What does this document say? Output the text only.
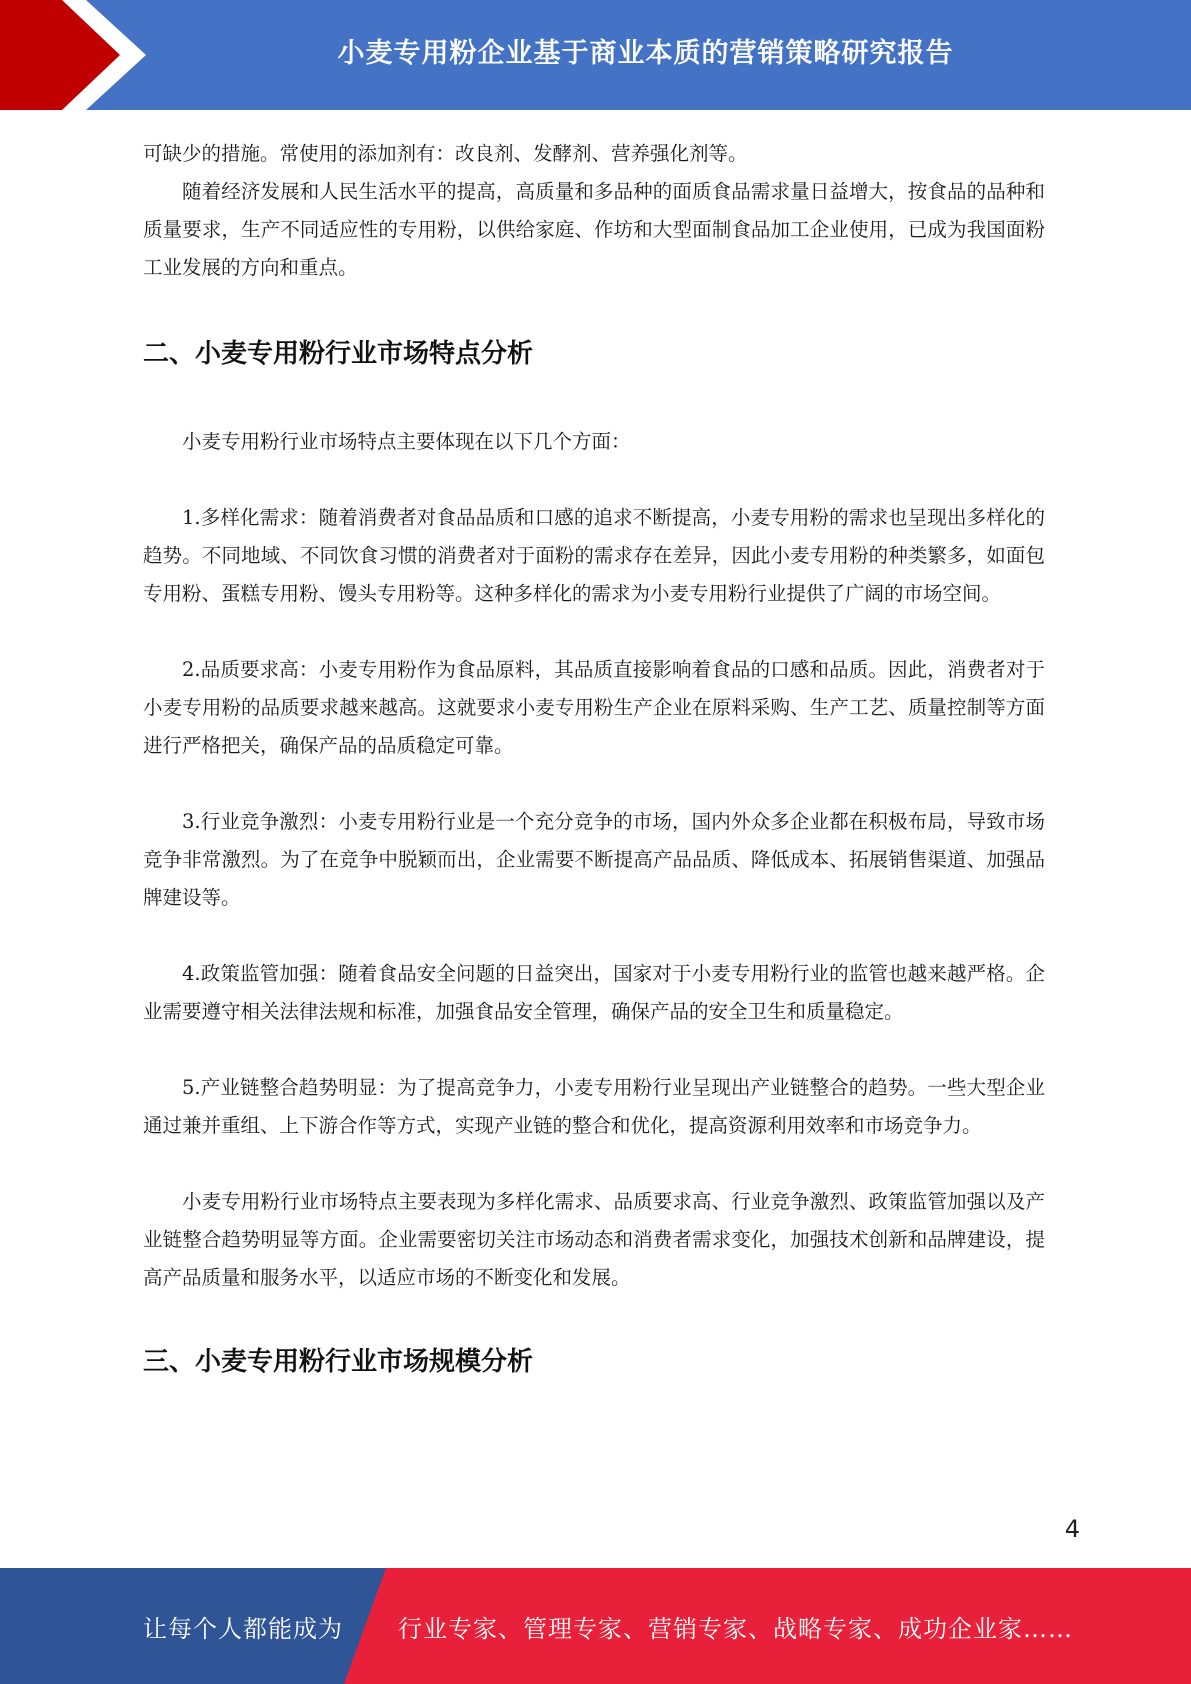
小麦专用粉企业基于商业本质的营销策略研究报告

可缺少的措施。常使用的添加剂有：改良剂、发酵剂、营养强化剂等。

随着经济发展和人民生活水平的提高，高质量和多品种的面质食品需求量日益增大，按食品的品种和质量要求，生产不同适应性的专用粉，以供给家庭、作坊和大型面制食品加工企业使用，已成为我国面粉工业发展的方向和重点。

二、小麦专用粉行业市场特点分析

小麦专用粉行业市场特点主要体现在以下几个方面：

1.多样化需求：随着消费者对食品品质和口感的追求不断提高，小麦专用粉的需求也呈现出多样化的趋势。不同地域、不同饮食习惯的消费者对于面粉的需求存在差异，因此小麦专用粉的种类繁多，如面包专用粉、蛋糕专用粉、馒头专用粉等。这种多样化的需求为小麦专用粉行业提供了广阔的市场空间。

2.品质要求高：小麦专用粉作为食品原料，其品质直接影响着食品的口感和品质。因此，消费者对于小麦专用粉的品质要求越来越高。这就要求小麦专用粉生产企业在原料采购、生产工艺、质量控制等方面进行严格把关，确保产品的品质稳定可靠。

3.行业竞争激烈：小麦专用粉行业是一个充分竞争的市场，国内外众多企业都在积极布局，导致市场竞争非常激烈。为了在竞争中脱颖而出，企业需要不断提高产品品质、降低成本、拓展销售渠道、加强品牌建设等。

4.政策监管加强：随着食品安全问题的日益突出，国家对于小麦专用粉行业的监管也越来越严格。企业需要遵守相关法律法规和标准，加强食品安全管理，确保产品的安全卫生和质量稳定。

5.产业链整合趋势明显：为了提高竞争力，小麦专用粉行业呈现出产业链整合的趋势。一些大型企业通过兼并重组、上下游合作等方式，实现产业链的整合和优化，提高资源利用效率和市场竞争力。

小麦专用粉行业市场特点主要表现为多样化需求、品质要求高、行业竞争激烈、政策监管加强以及产业链整合趋势明显等方面。企业需要密切关注市场动态和消费者需求变化，加强技术创新和品牌建设，提高产品质量和服务水平，以适应市场的不断变化和发展。

三、小麦专用粉行业市场规模分析
4
让每个人都能成为 行业专家、管理专家、营销专家、战略专家、成功企业家……
